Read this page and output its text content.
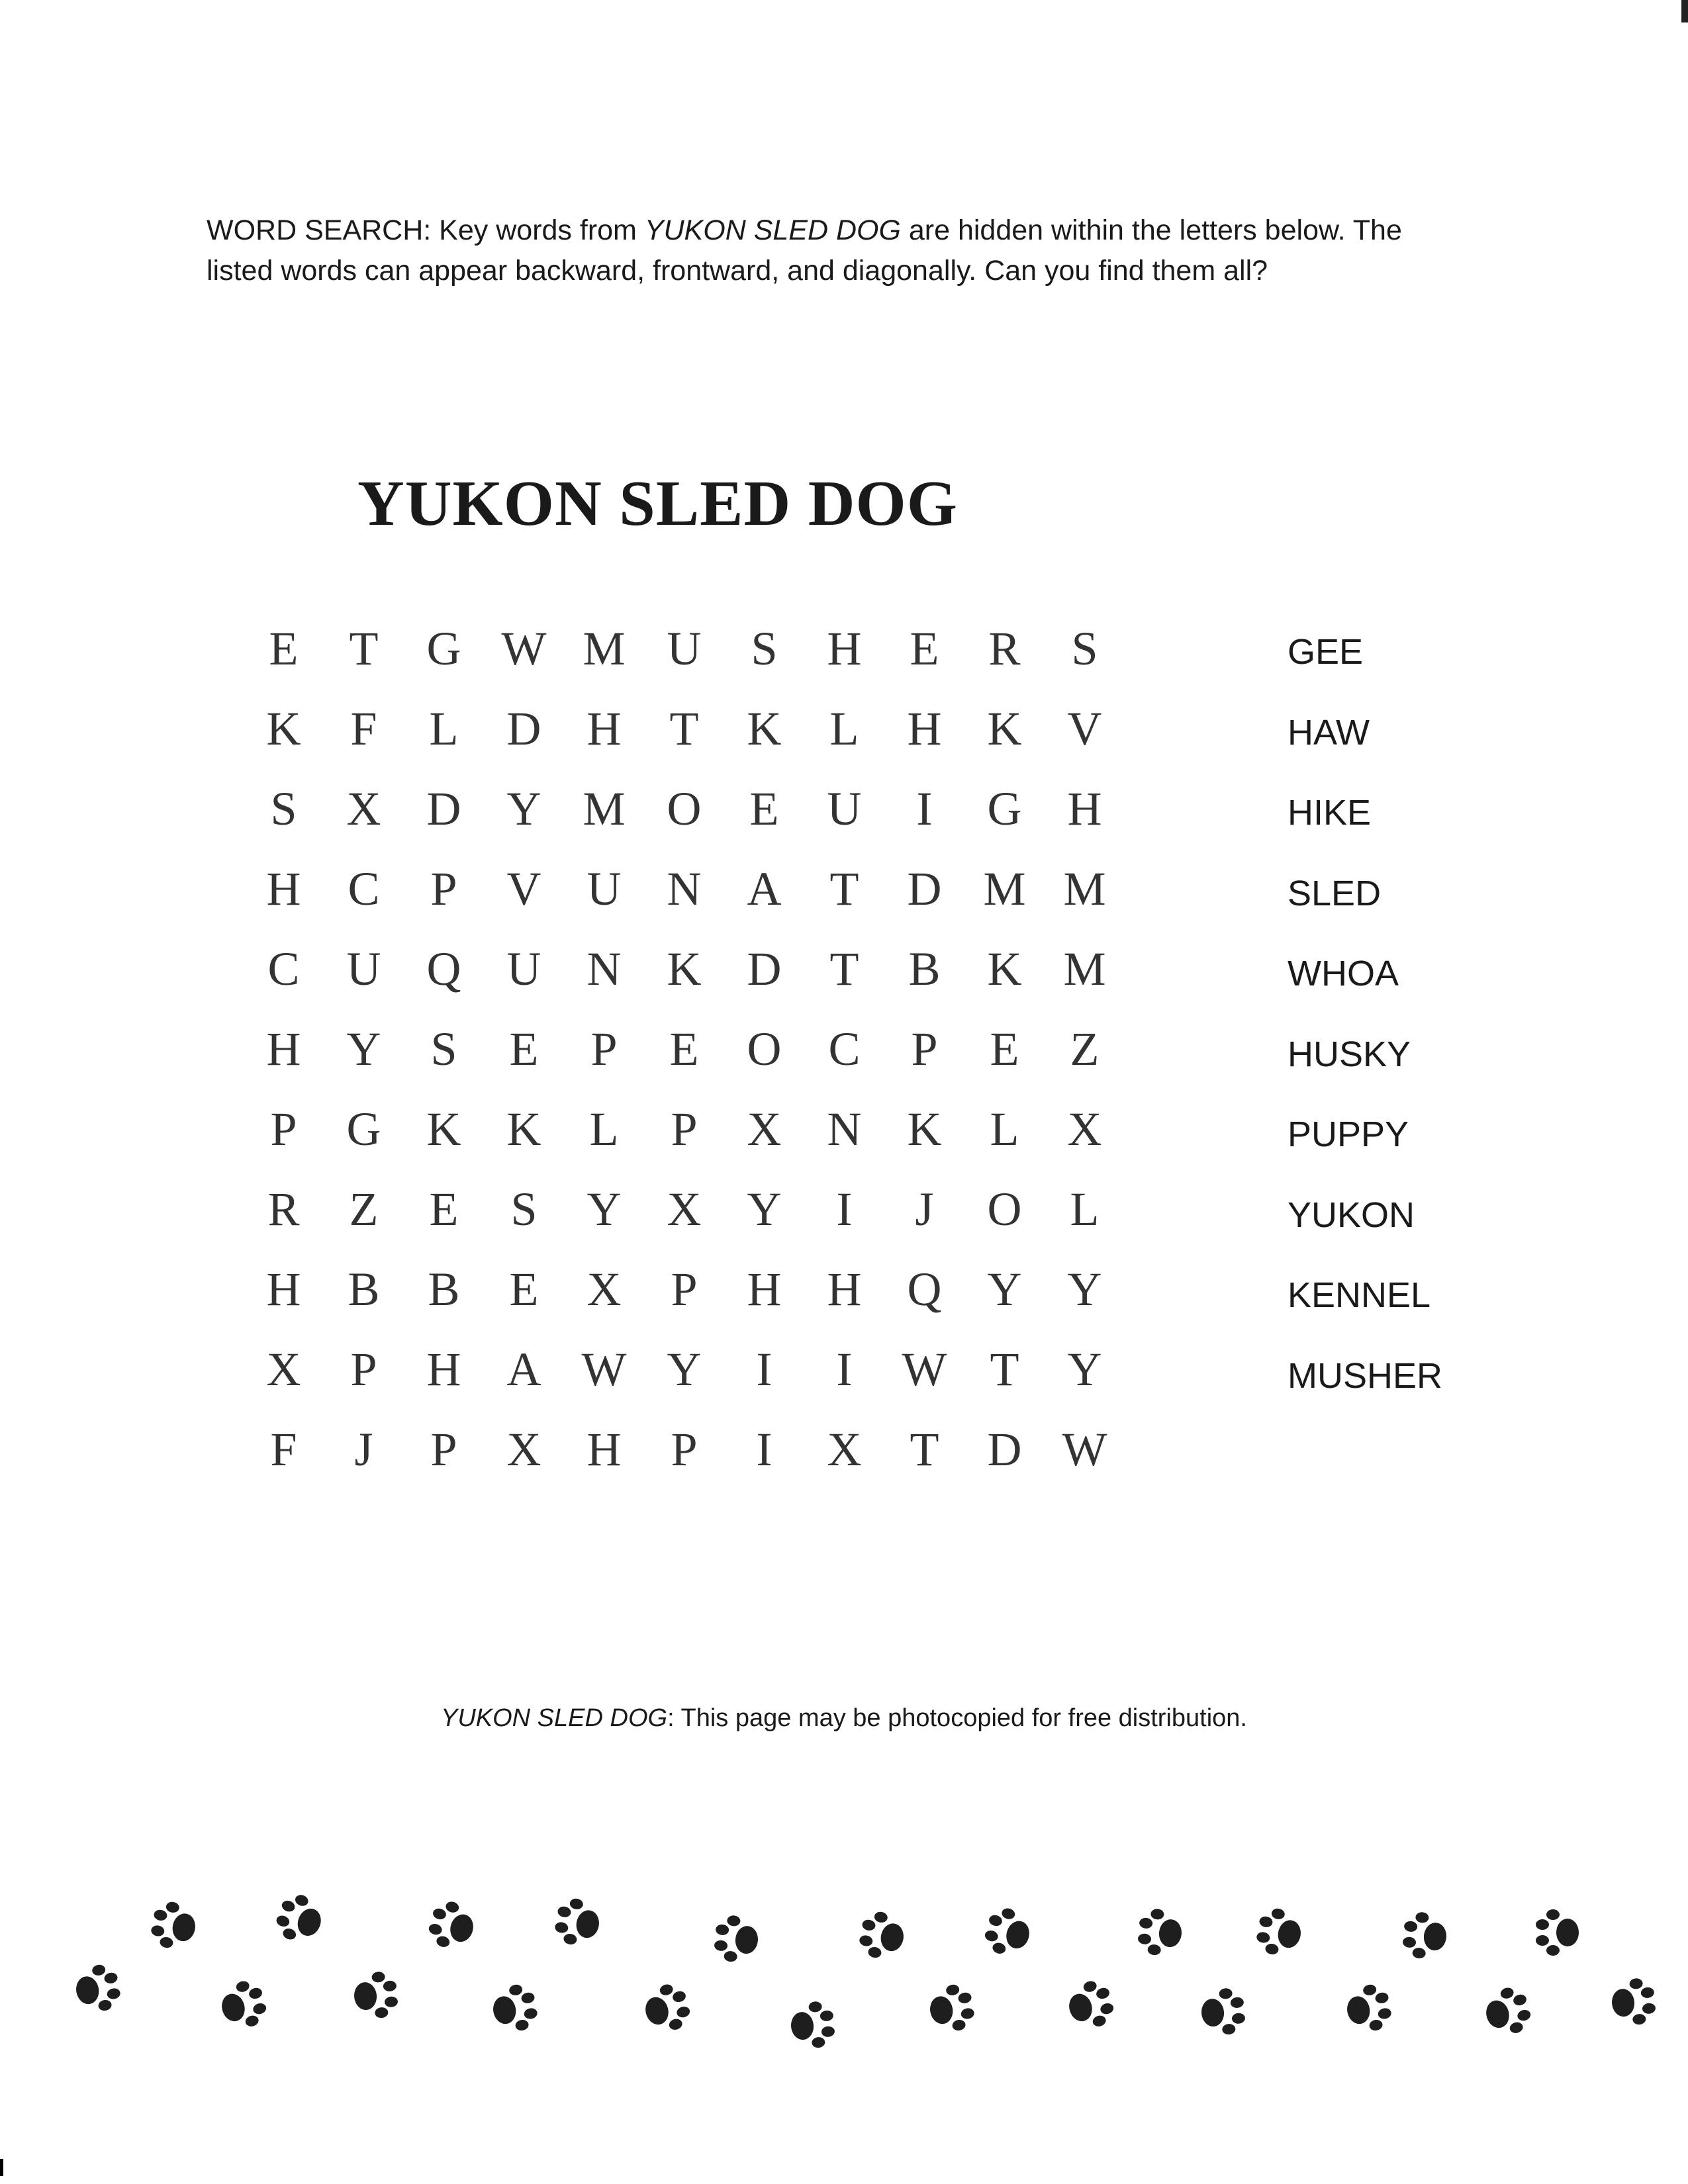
WORD SEARCH: Key words from YUKON SLED DOG are hidden within the letters below. The listed words can appear backward, frontward, and diagonally. Can you find them all?
YUKON SLED DOG
E	T	G W M U	S	H	E	R	S
K	F	L	D H	T	K	L	H K V
S	X D Y M O	E	U	I	G H
H C	P	V U N A	T	D M M
C U Q U N K D	T	B K M
H Y	S	E	P	E	O C	P	E	Z
P	G K K	L	P	X N K	L	X
R	Z	E	S	Y X Y	I	J	O	L
H B	B	E	X	P	H H Q Y Y
X	P	H A W Y	I	I	W T	Y
F	J	P	X H	P	I	X	T	D W
GEE
HAW
HIKE
SLED
WHOA
HUSKY
PUPPY
YUKON
KENNEL
MUSHER
YUKON SLED DOG: This page may be photocopied for free distribution.
